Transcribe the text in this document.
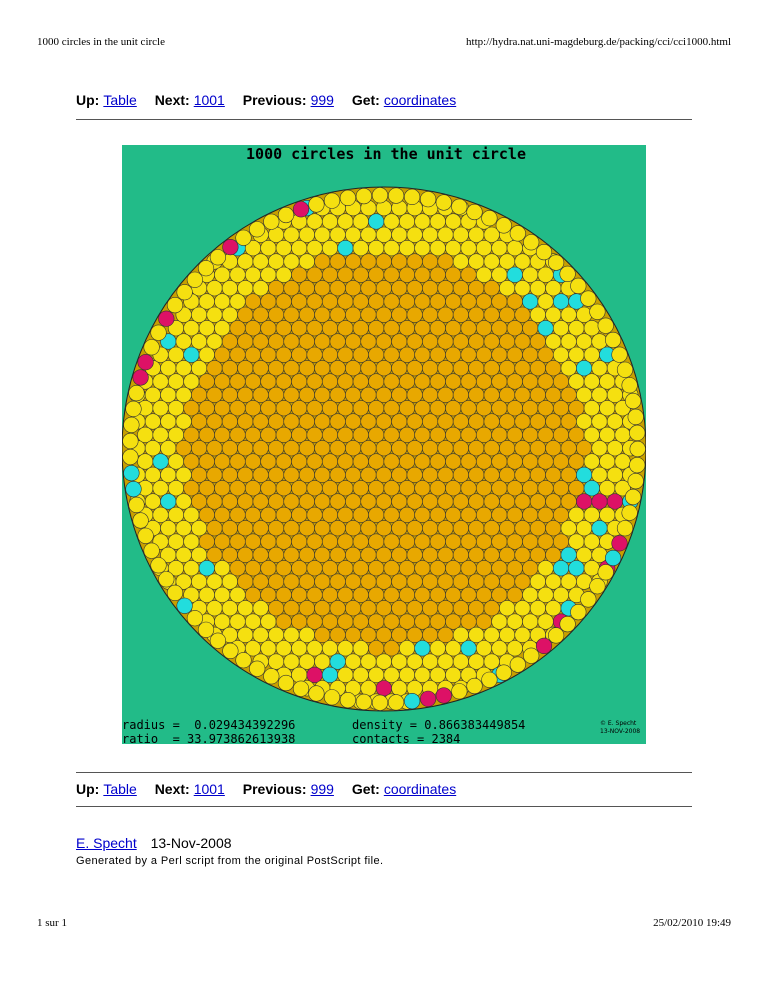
1000 circles in the unit circle	http://hydra.nat.uni-magdeburg.de/packing/cci/cci1000.html
Up: Table Next: 1001 Previous: 999 Get: coordinates
1000 circles in the unit circle
radius =  0.029434392296	density = 0.866383449854
ratio  = 33.973862613938	contacts = 2384
© E. Specht
13-NOV-2008
Up: Table Next: 1001 Previous: 999 Get: coordinates
E. Specht 13-Nov-2008
Generated by a Perl script from the original PostScript file.
1 sur 1	25/02/2010 19:49
